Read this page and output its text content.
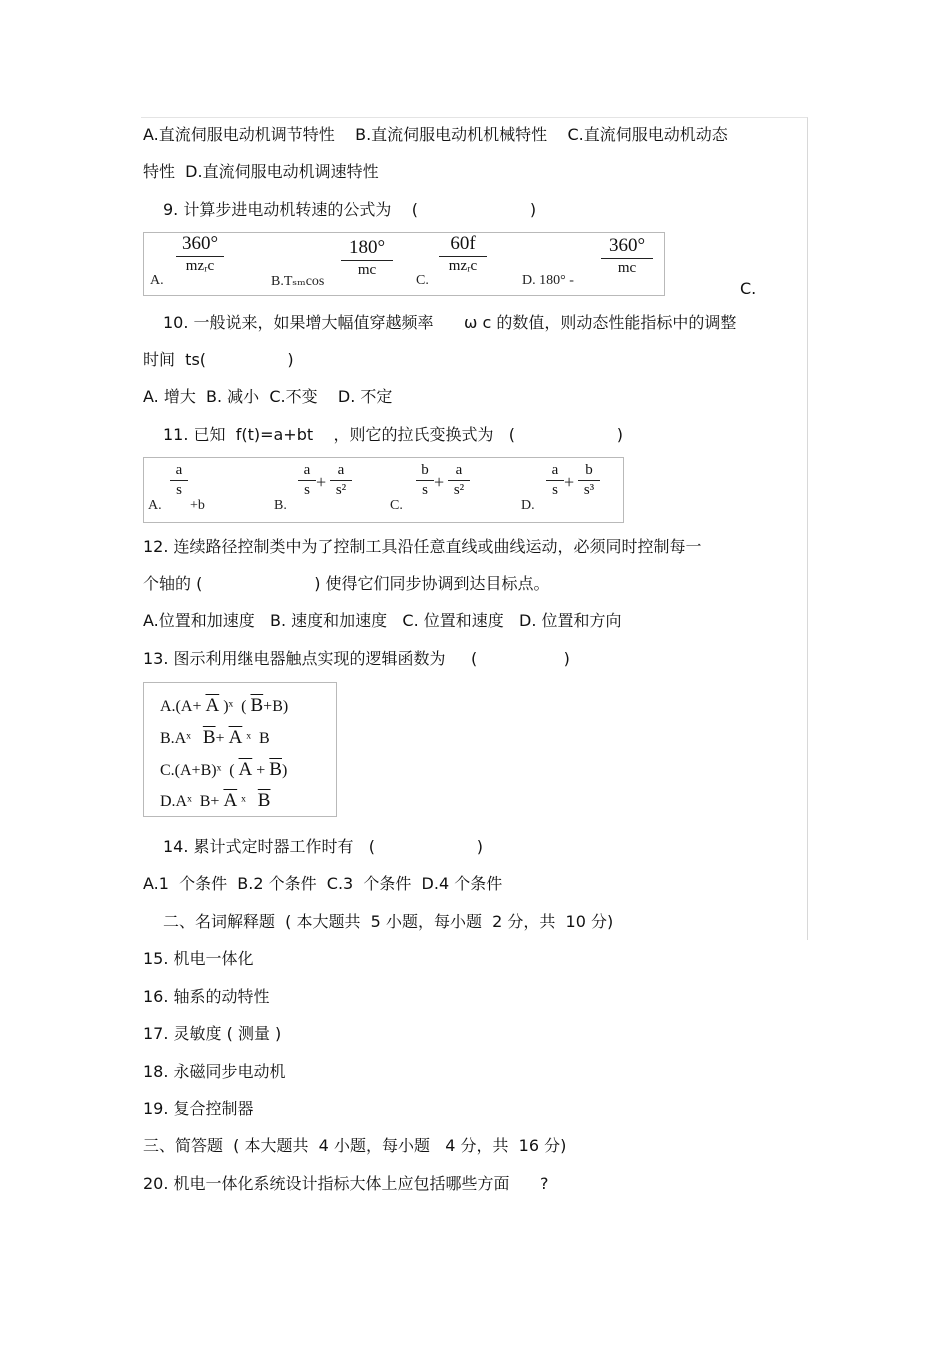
A.直流伺服电动机调节特性    B.直流伺服电动机机械特性    C.直流伺服电动机动态
特性  D.直流伺服电动机调速特性
9. 计算步进电动机转速的公式为    (                      )
A.
360°
mzᵣc
B.Tₛₘcos
180°
mc
C.
60f
mzᵣc
D. 180° -
360°
mc
C.
10. 一般说来，如果增大幅值穿越频率      ω c 的数值，则动态性能指标中的调整
时间  ts(                )
A. 增大  B. 减小  C.不变    D. 不定
11. 已知  f(t)=a+bt    ，则它的拉氏变换式为   (                    )
A.
$\frac{a}{s}$
+b	B.
$\frac{a}{s} + \frac{a}{\text{s²}}$
C.
$\frac{b}{s} + \frac{a}{\text{s²}}$
D.
$\frac{a}{s} + \frac{b}{\text{s³}}$
12. 连续路径控制类中为了控制工具沿任意直线或曲线运动，必须同时控制每一
个轴的 (                      ) 使得它们同步协调到达目标点。
A.位置和加速度   B. 速度和加速度   C. 位置和速度   D. 位置和方向
13. 图示利用继电器触点实现的逻辑函数为     (                 )
$A.(A+ \overline{A}$ )ˣ  ( $\overline{B}+B$)
B.Aˣ   $\overline{B}+ \overline{A}$ ˣ  B
C.(A+B)ˣ  ( $\overline{A} + \overline{B}$)
D.Aˣ  $B+ \overline{A}$ ˣ   $\overline{B}$
14. 累计式定时器工作时有   (                    )
A.1  个条件  B.2 个条件  C.3  个条件  D.4 个条件
二、名词解释题  ( 本大题共  5 小题，每小题  2 分，共  10 分)
15. 机电一体化
16. 轴系的动特性
17. 灵敏度 ( 测量 )
18. 永磁同步电动机
19. 复合控制器
三、简答题  ( 本大题共  4 小题，每小题   4 分，共  16 分)
20. 机电一体化系统设计指标大体上应包括哪些方面      ?
